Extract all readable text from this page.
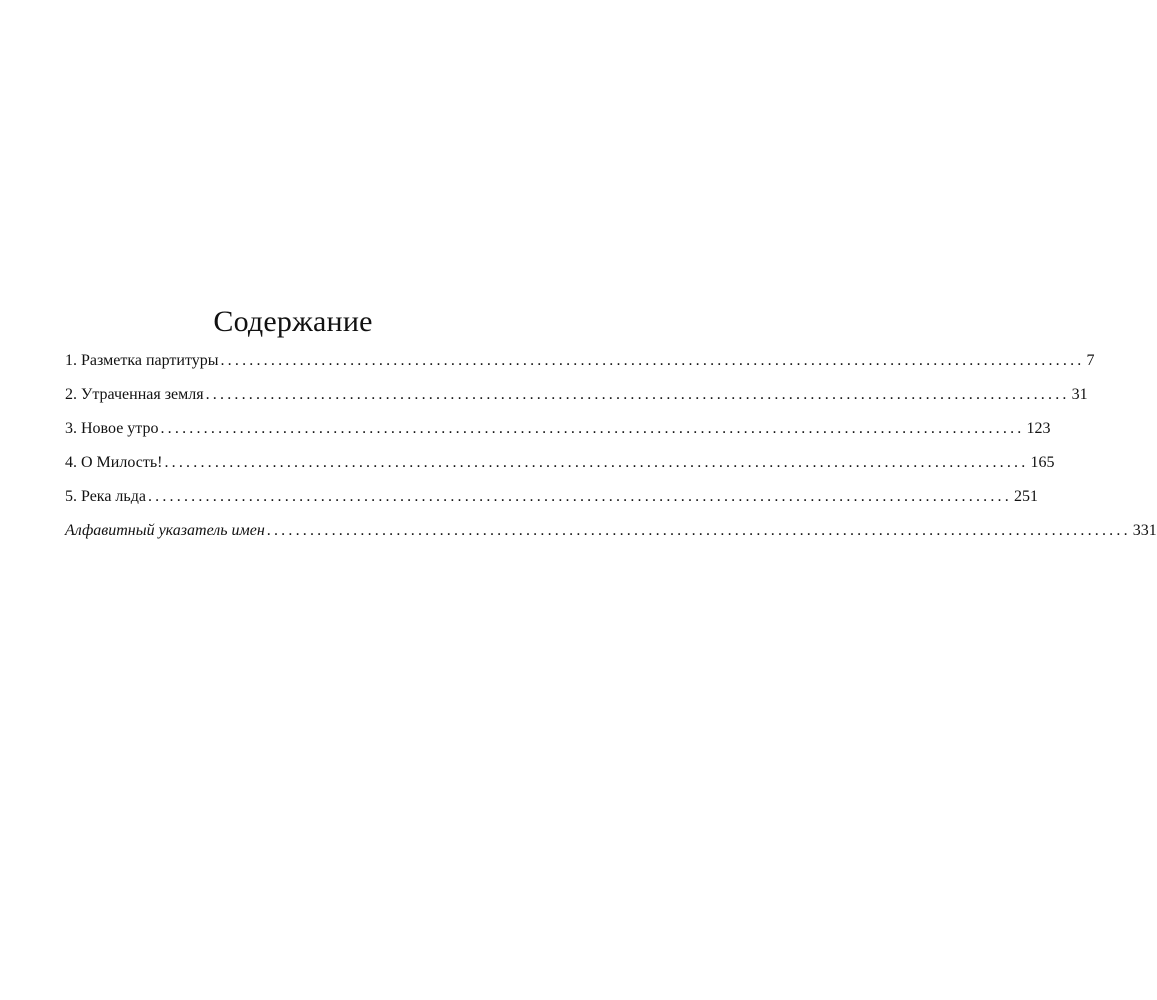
Содержание
1. Разметка партитуры ........................................................................................................................ 7
2. Утраченная земля ........................................................................................................................ 31
3. Новое утро ........................................................................................................................ 123
4. О Милость! ........................................................................................................................ 165
5. Река льда ........................................................................................................................ 251
Алфавитный указатель имен ........................................................................................................................ 331
